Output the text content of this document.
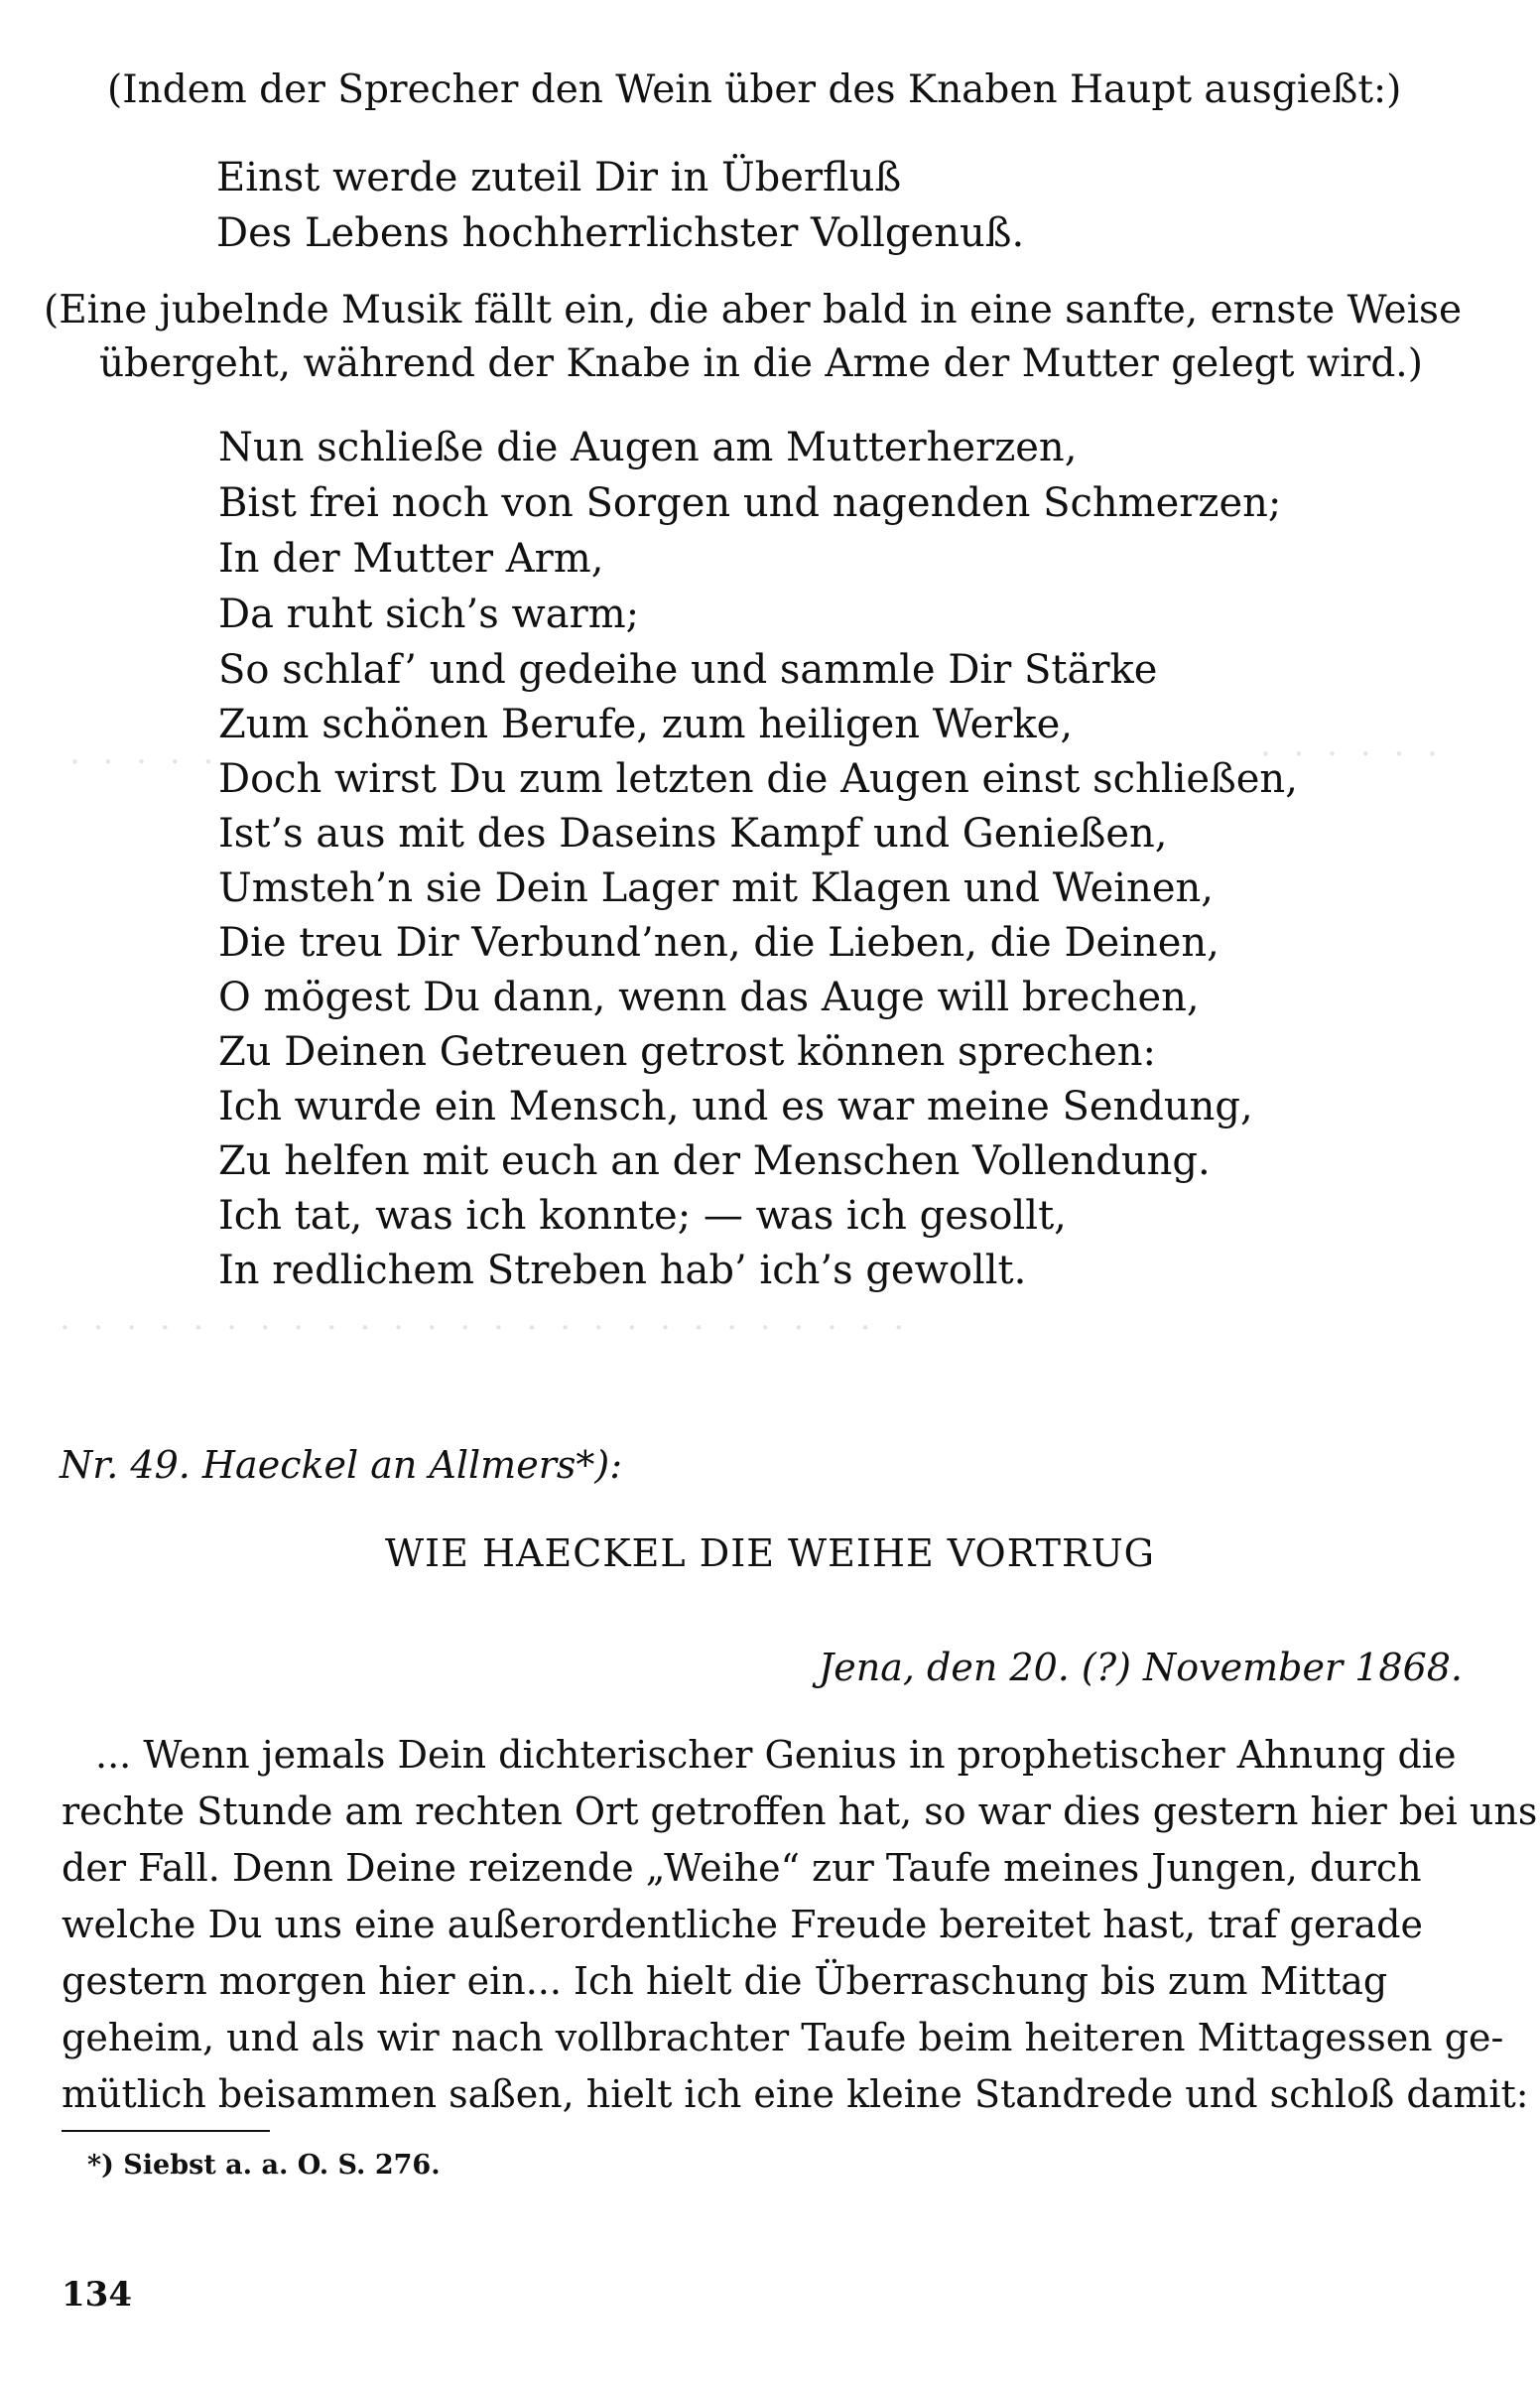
· · · · ·	· · · · · ·
· · · · · · · · · · · · · · · · · · · · · · · · · ·
(Indem der Sprecher den Wein über des Knaben Haupt ausgießt:)
Einst werde zuteil Dir in Überfluß
Des Lebens hochherrlichster Vollgenuß.
(Eine jubelnde Musik fällt ein, die aber bald in eine sanfte, ernste Weise
übergeht, während der Knabe in die Arme der Mutter gelegt wird.)
Nun schließe die Augen am Mutterherzen,
Bist frei noch von Sorgen und nagenden Schmerzen;
In der Mutter Arm,
Da ruht sich’s warm;
So schlaf’ und gedeihe und sammle Dir Stärke
Zum schönen Berufe, zum heiligen Werke,
Doch wirst Du zum letzten die Augen einst schließen,
Ist’s aus mit des Daseins Kampf und Genießen,
Umsteh’n sie Dein Lager mit Klagen und Weinen,
Die treu Dir Verbund’nen, die Lieben, die Deinen,
O mögest Du dann, wenn das Auge will brechen,
Zu Deinen Getreuen getrost können sprechen:
Ich wurde ein Mensch, und es war meine Sendung,
Zu helfen mit euch an der Menschen Vollendung.
Ich tat, was ich konnte; — was ich gesollt,
In redlichem Streben hab’ ich’s gewollt.
Nr. 49. Haeckel an Allmers*):
WIE HAECKEL DIE WEIHE VORTRUG
Jena, den 20. (?) November 1868.
... Wenn jemals Dein dichterischer Genius in prophetischer Ahnung die
rechte Stunde am rechten Ort getroffen hat, so war dies gestern hier bei uns
der Fall. Denn Deine reizende „Weihe“ zur Taufe meines Jungen, durch
welche Du uns eine außerordentliche Freude bereitet hast, traf gerade
gestern morgen hier ein... Ich hielt die Überraschung bis zum Mittag
geheim, und als wir nach vollbrachter Taufe beim heiteren Mittagessen ge-
mütlich beisammen saßen, hielt ich eine kleine Standrede und schloß damit:
*) Siebst a. a. O. S. 276.
134
